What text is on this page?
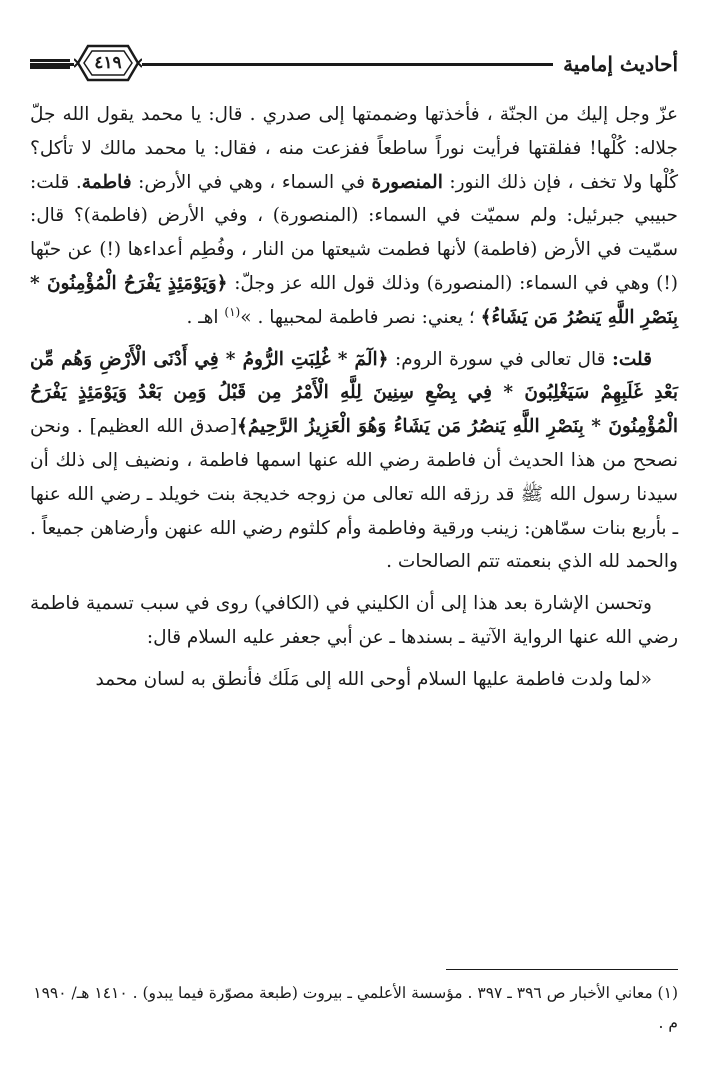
أحاديث إمامية
٤١٩

عزّ وجل إليك من الجنّة ، فأخذتها وضممتها إلى صدري . قال: يا محمد يقول الله جلّ جلاله: كُلْها! ففلقتها فرأيت نوراً ساطعاً ففزعت منه ، فقال: يا محمد مالك لا تأكل؟ كُلْها ولا تخف ، فإن ذلك النور: المنصورة في السماء ، وهي في الأرض: فاطمة. قلت: حبيبي جبرئيل: ولم سميّت في السماء: (المنصورة) ، وفي الأرض (فاطمة)؟ قال: سمّيت في الأرض (فاطمة) لأنها فطمت شيعتها من النار ، وفُطِم أعداءها (!) عن حبّها (!) وهي في السماء: (المنصورة) وذلك قول الله عز وجلّ: ﴿وَيَوْمَئِذٍ يَفْرَحُ الْمُؤْمِنُونَ * بِنَصْرِ اللَّهِ يَنصُرُ مَن يَشَاءُ﴾ ؛ يعني: نصر فاطمة لمحبيها . »$^{(١)}$ اهـ .

قلت: قال تعالى في سورة الروم: ﴿الٓمٓ * غُلِبَتِ الرُّومُ * فِي أَدْنَى الْأَرْضِ وَهُم مِّن بَعْدِ غَلَبِهِمْ سَيَغْلِبُونَ * فِي بِضْعِ سِنِينَ لِلَّهِ الْأَمْرُ مِن قَبْلُ وَمِن بَعْدُ وَيَوْمَئِذٍ يَفْرَحُ الْمُؤْمِنُونَ * بِنَصْرِ اللَّهِ يَنصُرُ مَن يَشَاءُ وَهُوَ الْعَزِيزُ الرَّحِيمُ﴾[صدق الله العظيم] . ونحن نصحح من هذا الحديث أن فاطمة رضي الله عنها اسمها فاطمة ، ونضيف إلى ذلك أن سيدنا رسول الله ﷺ قد رزقه الله تعالى من زوجه خديجة بنت خويلد ـ رضي الله عنها ـ بأربع بنات سمّاهن: زينب ورقية وفاطمة وأم كلثوم رضي الله عنهن وأرضاهن جميعاً . والحمد لله الذي بنعمته تتم الصالحات .

وتحسن الإشارة بعد هذا إلى أن الكليني في (الكافي) روى في سبب تسمية فاطمة رضي الله عنها الرواية الآتية ـ بسندها ـ عن أبي جعفر عليه السلام قال:

«لما ولدت فاطمة عليها السلام أوحى الله إلى مَلَك فأنطق به لسان محمد

(١) معاني الأخبار ص ٣٩٦ ـ ٣٩٧ . مؤسسة الأعلمي ـ بيروت (طبعة مصوّرة فيما يبدو) . ١٤١٠ هـ/ ١٩٩٠ م .
